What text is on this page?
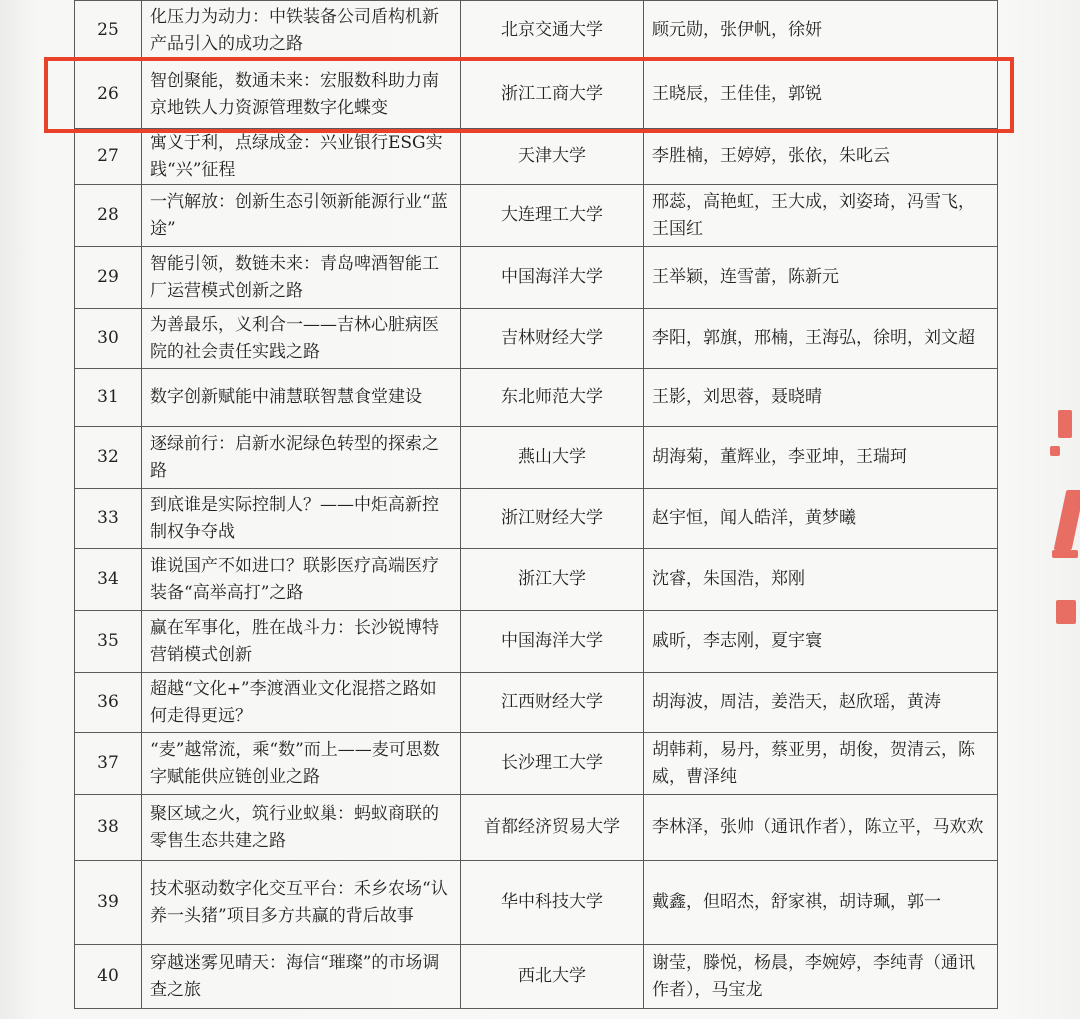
25	化压力为动力：中铁装备公司盾构机新产品引入的成功之路	北京交通大学	顾元勋，张伊帆，徐妍
26	智创聚能，数通未来：宏服数科助力南京地铁人力资源管理数字化蝶变	浙江工商大学	王晓辰，王佳佳，郭锐
27	寓义于利，点绿成金：兴业银行ESG实践“兴”征程	天津大学	李胜楠，王婷婷，张依，朱叱云
28	一汽解放：创新生态引领新能源行业“蓝途”	大连理工大学	邢蕊，高艳虹，王大成，刘姿琦，冯雪飞，王国红
29	智能引领，数链未来：青岛啤酒智能工厂运营模式创新之路	中国海洋大学	王举颖，连雪蕾，陈新元
30	为善最乐，义利合一——吉林心脏病医院的社会责任实践之路	吉林财经大学	李阳，郭旗，邢楠，王海弘，徐明，刘文超
31	数字创新赋能中浦慧联智慧食堂建设	东北师范大学	王影，刘思蓉，聂晓晴
32	逐绿前行：启新水泥绿色转型的探索之路	燕山大学	胡海菊，董辉业，李亚坤，王瑞珂
33	到底谁是实际控制人？——中炬高新控制权争夺战	浙江财经大学	赵宇恒，闻人皓洋，黄梦曦
34	谁说国产不如进口？联影医疗高端医疗装备“高举高打”之路	浙江大学	沈睿，朱国浩，郑刚
35	赢在军事化，胜在战斗力：长沙锐博特营销模式创新	中国海洋大学	戚昕，李志刚，夏宇寰
36	超越“文化+”李渡酒业文化混搭之路如何走得更远？	江西财经大学	胡海波，周洁，姜浩天，赵欣瑶，黄涛
37	“麦”越常流，乘“数”而上——麦可思数字赋能供应链创业之路	长沙理工大学	胡韩莉，易丹，蔡亚男，胡俊，贺清云，陈威，曹泽纯
38	聚区域之火，筑行业蚁巢：蚂蚁商联的零售生态共建之路	首都经济贸易大学	李林泽，张帅（通讯作者），陈立平，马欢欢
39	技术驱动数字化交互平台：禾乡农场“认养一头猪”项目多方共赢的背后故事	华中科技大学	戴鑫，但昭杰，舒家祺，胡诗珮，郭一
40	穿越迷雾见晴天：海信“璀璨”的市场调查之旅	西北大学	谢莹，滕悦，杨晨，李婉婷，李纯青（通讯作者），马宝龙
